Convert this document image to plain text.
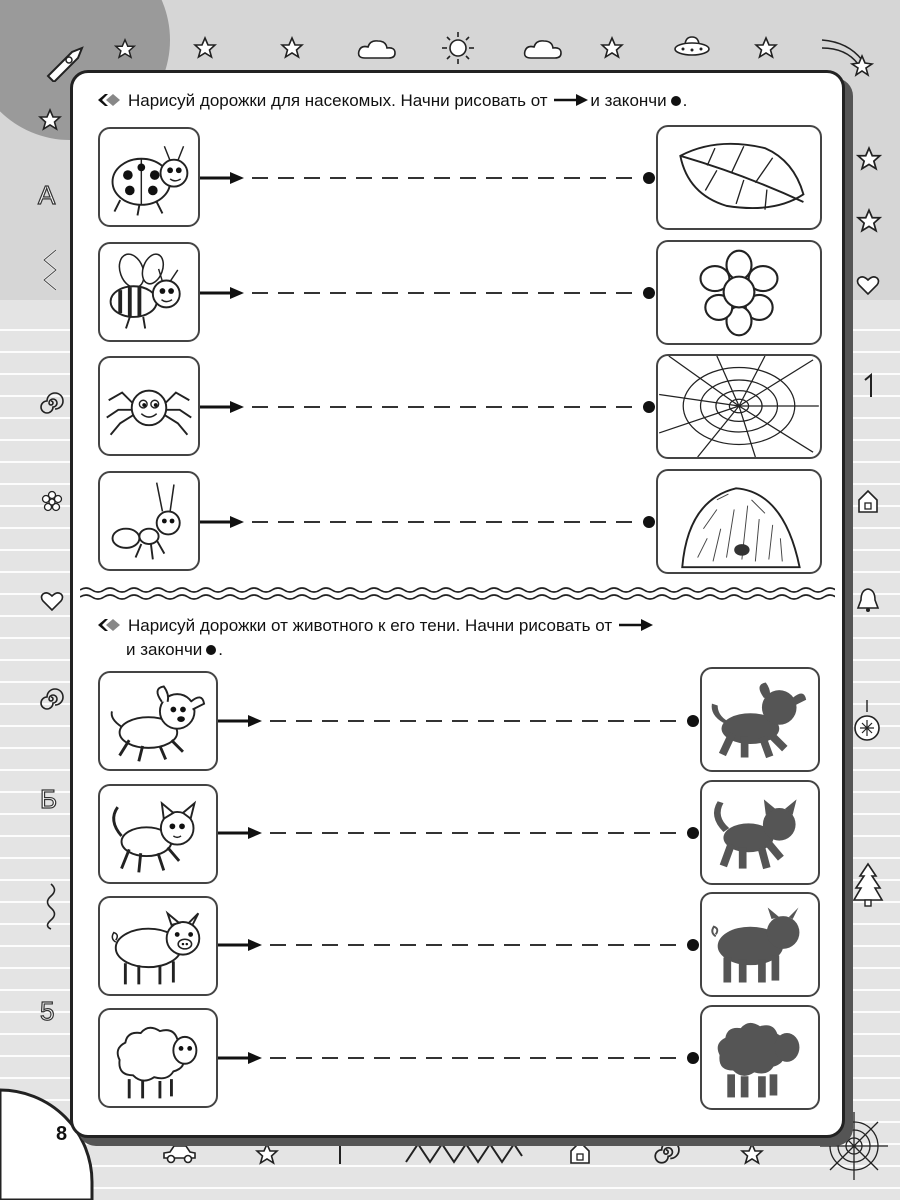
А
Б
5
Нарисуй дорожки для насекомых. Начни рисовать от	и закончи .
Нарисуй дорожки от животного к его тени. Начни рисовать от
и закончи .
8
